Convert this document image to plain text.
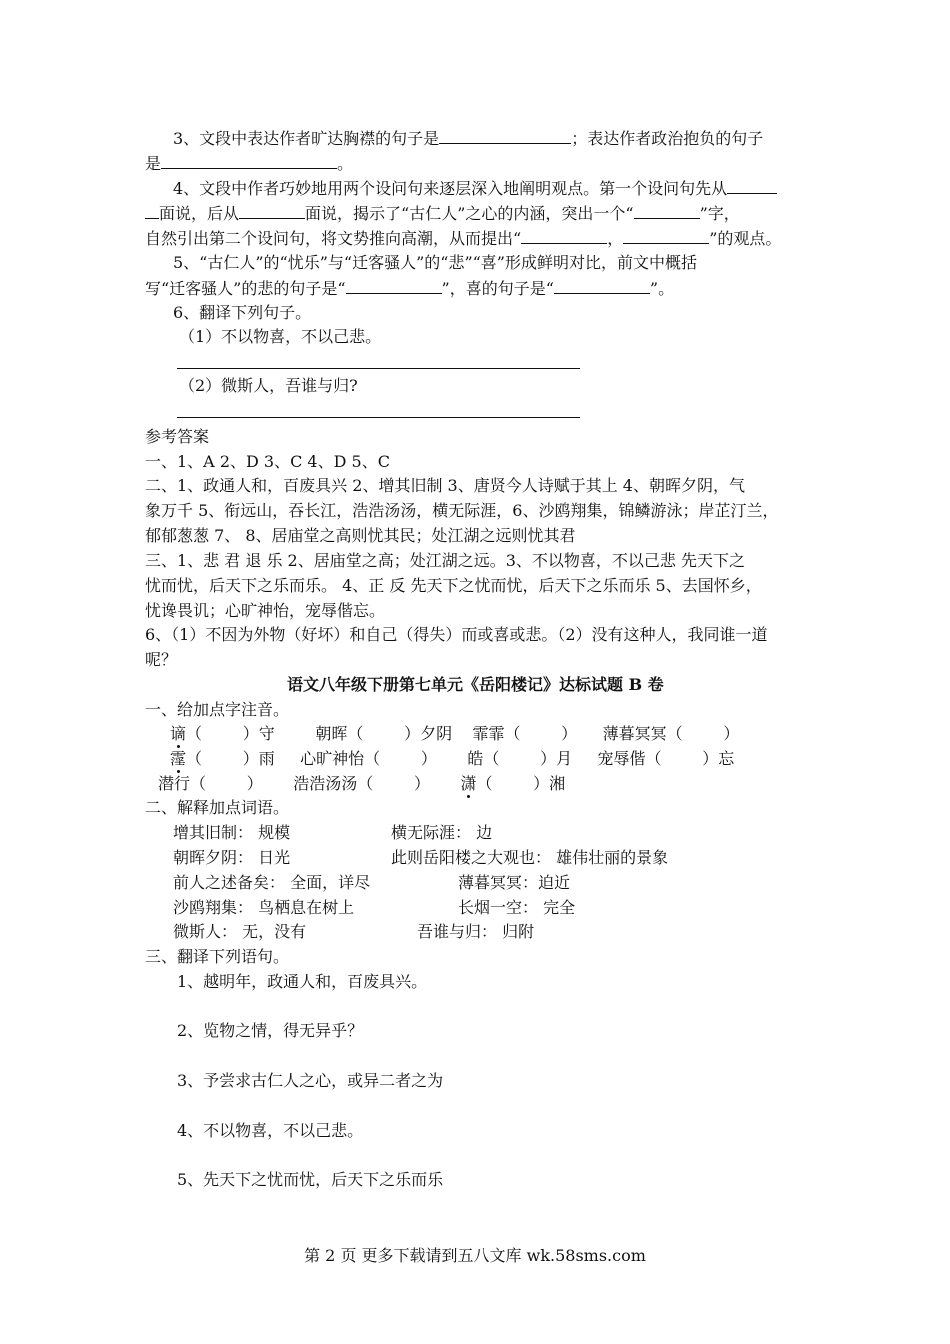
3、文段中表达作者旷达胸襟的句子是	；表达作者政治抱负的句子
是	。
4、文段中作者巧妙地用两个设问句来逐层深入地阐明观点。第一个设问句先从
面说，后从	面说，揭示了“古仁人”之心的内涵，突出一个“	”字，
自然引出第二个设问句，将文势推向高潮，从而提出“	，	”的观点。
5、“古仁人”的“忧乐”与“迁客骚人”的“悲”“喜”形成鲜明对比，前文中概括
写“迁客骚人”的悲的句子是“	”，喜的句子是“	”。
6、翻译下列句子。
（1）不以物喜，不以己悲。
（2）微斯人，吾谁与归?
参考答案
一、1、A 2、D 3、C 4、D 5、C
二、1、政通人和，百废具兴 2、增其旧制 3、唐贤今人诗赋于其上 4、朝晖夕阴，气
象万千 5、衔远山，吞长江，浩浩汤汤，横无际涯，6、沙鸥翔集，锦鳞游泳；岸芷汀兰，
郁郁葱葱 7、 8、居庙堂之高则忧其民；处江湖之远则忧其君
三、1、悲 君 退 乐 2、居庙堂之高；处江湖之远。3、不以物喜，不以己悲 先天下之
忧而忧，后天下之乐而乐。 4、正 反 先天下之忧而忧，后天下之乐而乐 5、去国怀乡，
忧谗畏讥；心旷神怡，宠辱偕忘。
6、（1）不因为外物（好坏）和自己（得失）而或喜或悲。（2）没有这种人，我同谁一道
呢？
语文八年级下册第七单元《岳阳楼记》达标试题 B 卷
一、给加点字注音。
谪（        ）守        朝晖（        ）夕阴    霏霏（        ）     薄暮冥冥（        ）
霪（        ）雨     心旷神怡（        ）      皓（        ）月     宠辱偕（        ）忘
潜行（        ）      浩浩汤汤（        ）      潇（        ）湘
二、解释加点词语。
增其旧制： 规模	横无际涯： 边
朝晖夕阴： 日光	此则岳阳楼之大观也： 雄伟壮丽的景象
前人之述备矣： 全面，详尽	薄暮冥冥：迫近
沙鸥翔集： 鸟栖息在树上	长烟一空： 完全
微斯人： 无，没有	吾谁与归： 归附
三、翻译下列语句。
1、越明年，政通人和，百废具兴。
2、览物之情，得无异乎？
3、予尝求古仁人之心，或异二者之为
4、不以物喜，不以己悲。
5、先天下之忧而忧，后天下之乐而乐
第 2 页 更多下载请到五八文库 wk.58sms.com
